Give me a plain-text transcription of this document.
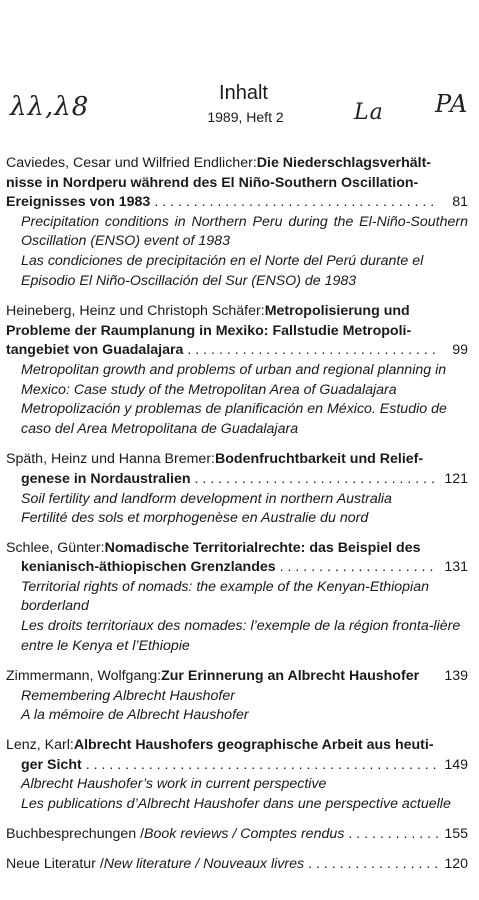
λλ,λ8	La PA
Inhalt
1989, Heft 2
Caviedes, Cesar und Wilfried Endlicher: Die Niederschlagsverhält-
nisse in Nordperu während des El Niño-Southern Oscillation-
Ereignisses von 1983 . . .	81
Precipitation conditions in Northern Peru during the El-Niño-Southern Oscillation (ENSO) event of 1983
Las condiciones de precipitación en el Norte del Perú durante el Episodio El Niño-Oscillación del Sur (ENSO) de 1983
Heineberg, Heinz und Christoph Schäfer: Metropolisierung und
Probleme der Raumplanung in Mexiko: Fallstudie Metropoli-
tangebiet von Guadalajara . . .	99
Metropolitan growth and problems of urban and regional planning in Mexico: Case study of the Metropolitan Area of Guadalajara
Metropolización y problemas de planificación en México. Estudio de caso del Area Metropolitana de Guadalajara
Späth, Heinz und Hanna Bremer: Bodenfruchtbarkeit und Relief-
genese in Nordaustralien . . .	121
Soil fertility and landform development in northern Australia
Fertilité des sols et morphogenèse en Australie du nord
Schlee, Günter: Nomadische Territorialrechte: das Beispiel des
kenianisch-äthiopischen Grenzlandes . . .	131
Territorial rights of nomads: the example of the Kenyan-Ethiopian borderland
Les droits territoriaux des nomades: l’exemple de la région fronta-lière entre le Kenya et l’Ethiopie
Zimmermann, Wolfgang: Zur Erinnerung an Albrecht Haushofer 139
Remembering Albrecht Haushofer
A la mémoire de Albrecht Haushofer
Lenz, Karl: Albrecht Haushofers geographische Arbeit aus heuti-
ger Sicht . . .	149
Albrecht Haushofer’s work in current perspective
Les publications d’Albrecht Haushofer dans une perspective actuelle
Buchbesprechungen / Book reviews / Comptes rendus . . .	155
Neue Literatur / New literature / Nouveaux livres . . .	120
